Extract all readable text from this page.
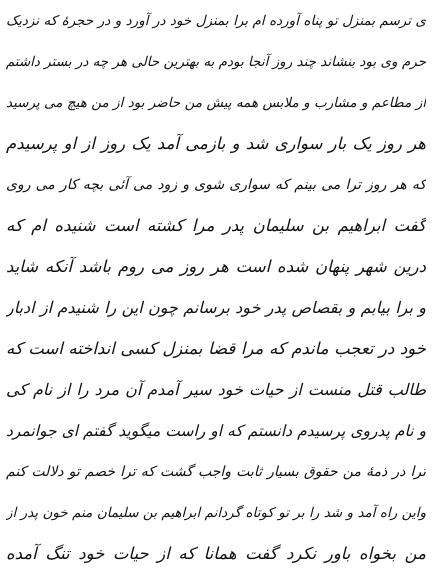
ی ترسم بمنزل تو پناه آورده ام برا بمنزل خود در آورد و در حجرهٔ که نزدیک
حرم وی بود بنشاند چند روز آنجا بودم به بهترین حالی هر چه در بستر داشتم
از مطاعم و مشارب و ملابس همه پیش من حاضر بود از من هیچ می پرسید
هر روز یک بار سواری شد و بازمی آمد یک روز از او پرسیدم
که هر روز ترا می بینم که سواری شوی و زود می آئی بچه کار می روی
گفت ابراهیم بن سلیمان پدر مرا کشته است شنیده ام که
درین شهر پنهان شده است هر روز می روم باشد آنکه شاید
و برا بیابم و بقصاص پدر خود برسانم چون این را شنیدم از ادبار
خود در تعجب ماندم که مرا قضا بمنزل کسی انداخته است که
طالب قتل منست از حیات خود سیر آمدم آن مرد را از نام کی
و نام پدروی پرسیدم دانستم که او راست میگوید گفتم ای جوانمرد
ترا در ذمهٔ من حقوق بسیار ثابت واجب گشت که ترا خصم تو دلالت کنم
واین راه آمد و شد را بر تو کوتاه گردانم ابراهیم بن سلیمان منم خون پدر از
من بخواه باور نکرد گفت همانا که از حیات خود تنگ آمده
